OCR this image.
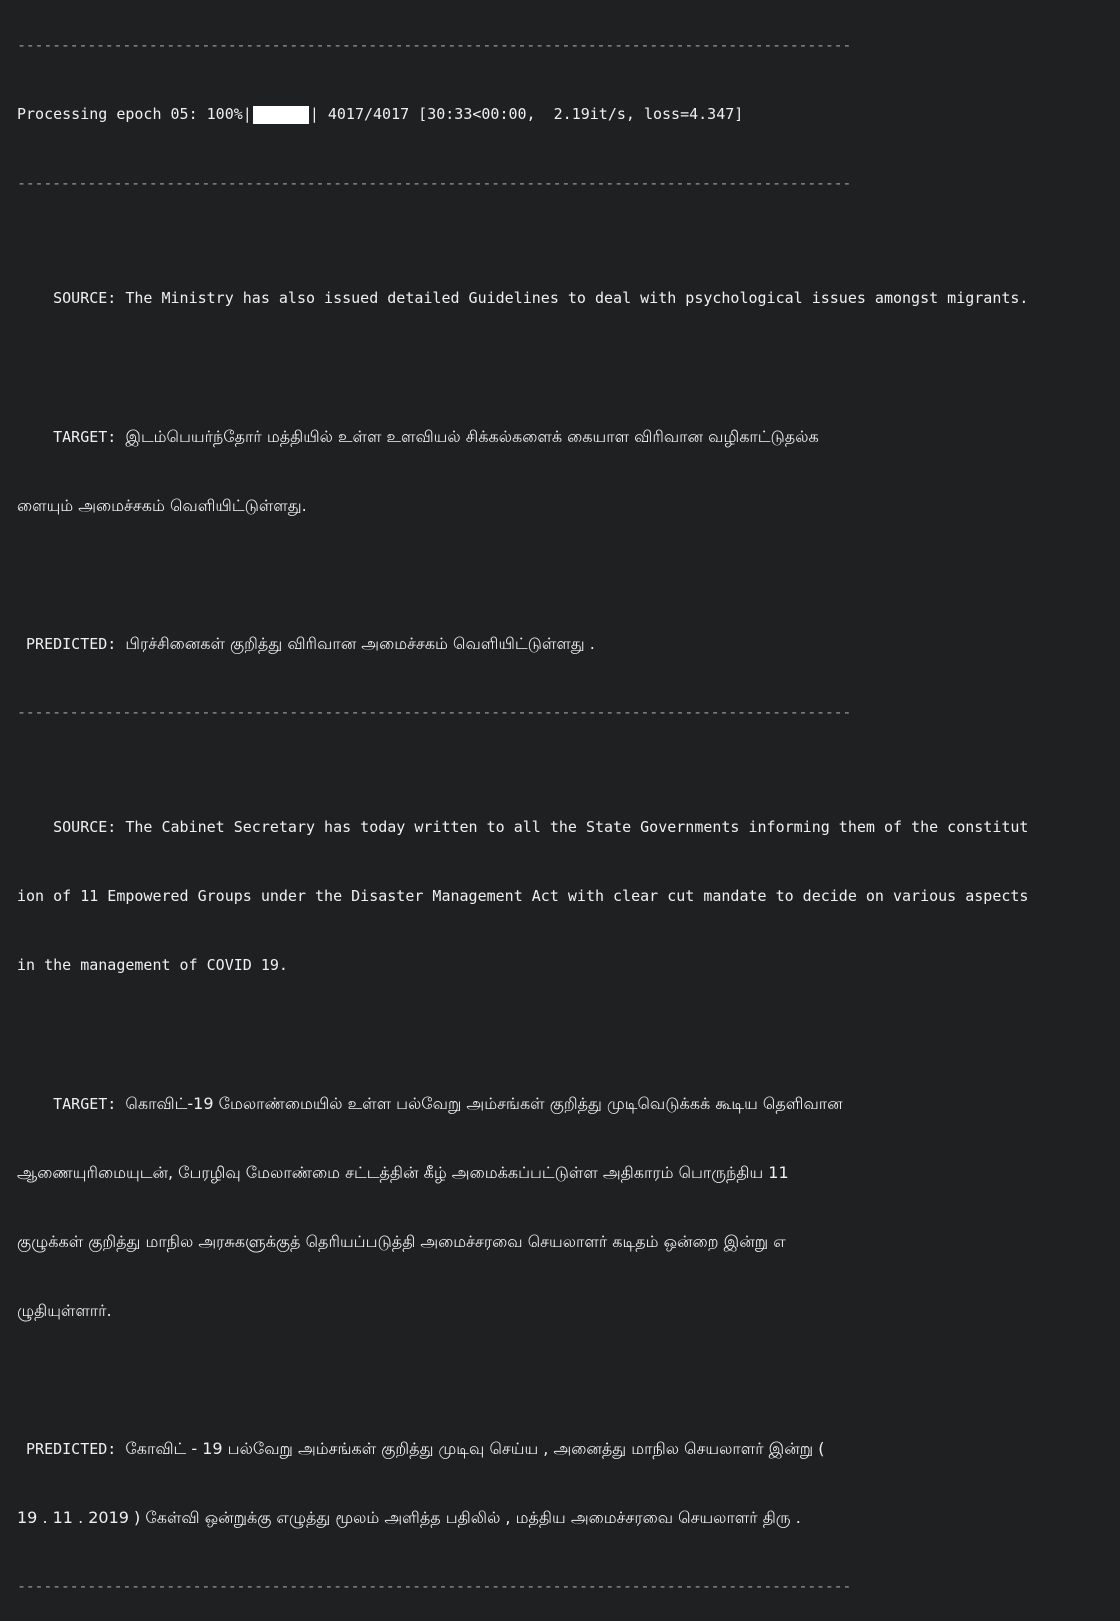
-----------------------------------------------------------------------------------------------

Processing epoch 05: 100%|	| 4017/4017 [30:33<00:00,  2.19it/s, loss=4.347]

-----------------------------------------------------------------------------------------------

SOURCE: The Ministry has also issued detailed Guidelines to deal with psychological issues amongst migrants.

TARGET: இடம்பெயர்ந்தோர் மத்தியில் உள்ள உளவியல் சிக்கல்களைக் கையாள விரிவான வழிகாட்டுதல்க

ளையும் அமைச்சகம் வெளியிட்டுள்ளது.

PREDICTED: பிரச்சினைகள் குறித்து விரிவான அமைச்சகம் வெளியிட்டுள்ளது .

-----------------------------------------------------------------------------------------------

SOURCE: The Cabinet Secretary has today written to all the State Governments informing them of the constitut

ion of 11 Empowered Groups under the Disaster Management Act with clear cut mandate to decide on various aspects

in the management of COVID 19.

TARGET: கொவிட்-19 மேலாண்மையில் உள்ள பல்வேறு அம்சங்கள் குறித்து முடிவெடுக்கக் கூடிய தெளிவான

ஆணையுரிமையுடன், பேரழிவு மேலாண்மை சட்டத்தின் கீழ் அமைக்கப்பட்டுள்ள அதிகாரம் பொருந்திய 11

குழுக்கள் குறித்து மாநில அரசுகளுக்குத் தெரியப்படுத்தி அமைச்சரவை செயலாளர் கடிதம் ஒன்றை இன்று எ

ழுதியுள்ளார்.

PREDICTED: கோவிட் - 19 பல்வேறு அம்சங்கள் குறித்து முடிவு செய்ய , அனைத்து மாநில செயலாளர் இன்று (

19 . 11 . 2019 ) கேள்வி ஒன்றுக்கு எழுத்து மூலம் அளித்த பதிலில் , மத்திய அமைச்சரவை செயலாளர் திரு .

-----------------------------------------------------------------------------------------------
